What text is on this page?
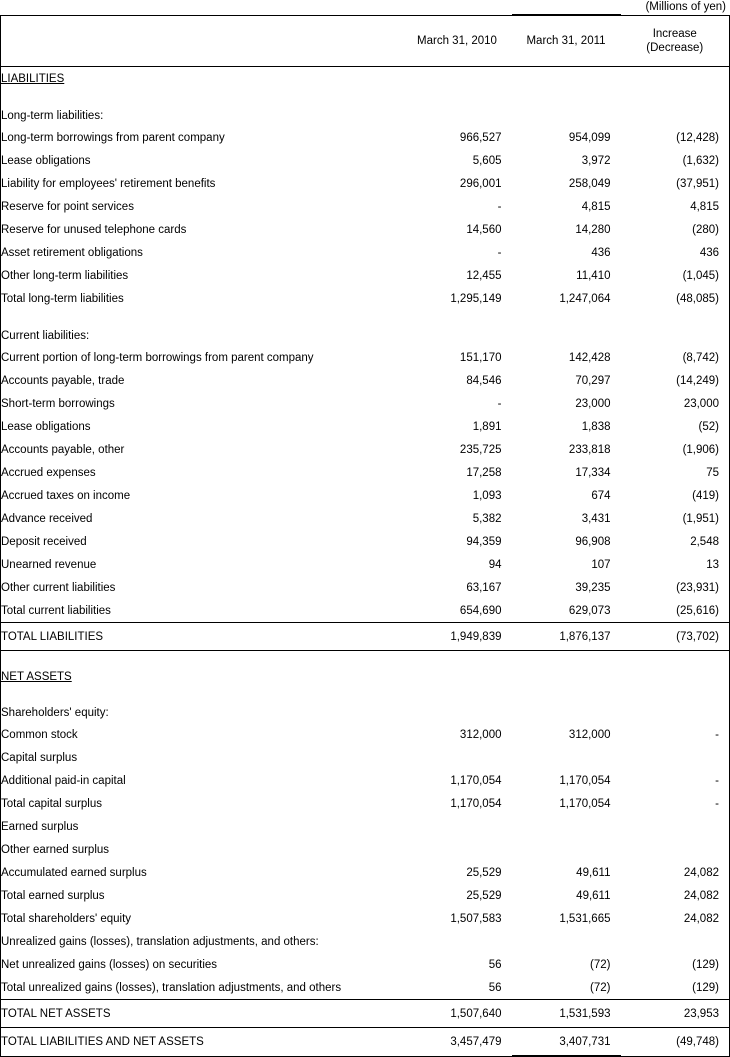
(Millions of yen)
	March 31, 2010	March 31, 2011	Increase
(Decrease)

LIABILITIES			
Long-term liabilities:			
Long-term borrowings from parent company	966,527	954,099	(12,428)
Lease obligations	5,605	3,972	(1,632)
Liability for employees' retirement benefits	296,001	258,049	(37,951)
Reserve for point services	-	4,815	4,815
Reserve for unused telephone cards	14,560	14,280	(280)
Asset retirement obligations	-	436	436
Other long-term liabilities	12,455	11,410	(1,045)
Total long-term liabilities	1,295,149	1,247,064	(48,085)
Current liabilities:			
Current portion of long-term borrowings from parent company	151,170	142,428	(8,742)
Accounts payable, trade	84,546	70,297	(14,249)
Short-term borrowings	-	23,000	23,000
Lease obligations	1,891	1,838	(52)
Accounts payable, other	235,725	233,818	(1,906)
Accrued expenses	17,258	17,334	75
Accrued taxes on income	1,093	674	(419)
Advance received	5,382	3,431	(1,951)
Deposit received	94,359	96,908	2,548
Unearned revenue	94	107	13
Other current liabilities	63,167	39,235	(23,931)
Total current liabilities	654,690	629,073	(25,616)
TOTAL LIABILITIES	1,949,839	1,876,137	(73,702)
NET ASSETS			
Shareholders' equity:			
Common stock	312,000	312,000	-
Capital surplus			
Additional paid-in capital	1,170,054	1,170,054	-
Total capital surplus	1,170,054	1,170,054	-
Earned surplus			
Other earned surplus			
Accumulated earned surplus	25,529	49,611	24,082
Total earned surplus	25,529	49,611	24,082
Total shareholders' equity	1,507,583	1,531,665	24,082
Unrealized gains (losses), translation adjustments, and others:			
Net unrealized gains (losses) on securities	56	(72)	(129)
Total unrealized gains (losses), translation adjustments, and others	56	(72)	(129)
TOTAL NET ASSETS	1,507,640	1,531,593	23,953
TOTAL LIABILITIES AND NET ASSETS	3,457,479	3,407,731	(49,748)
